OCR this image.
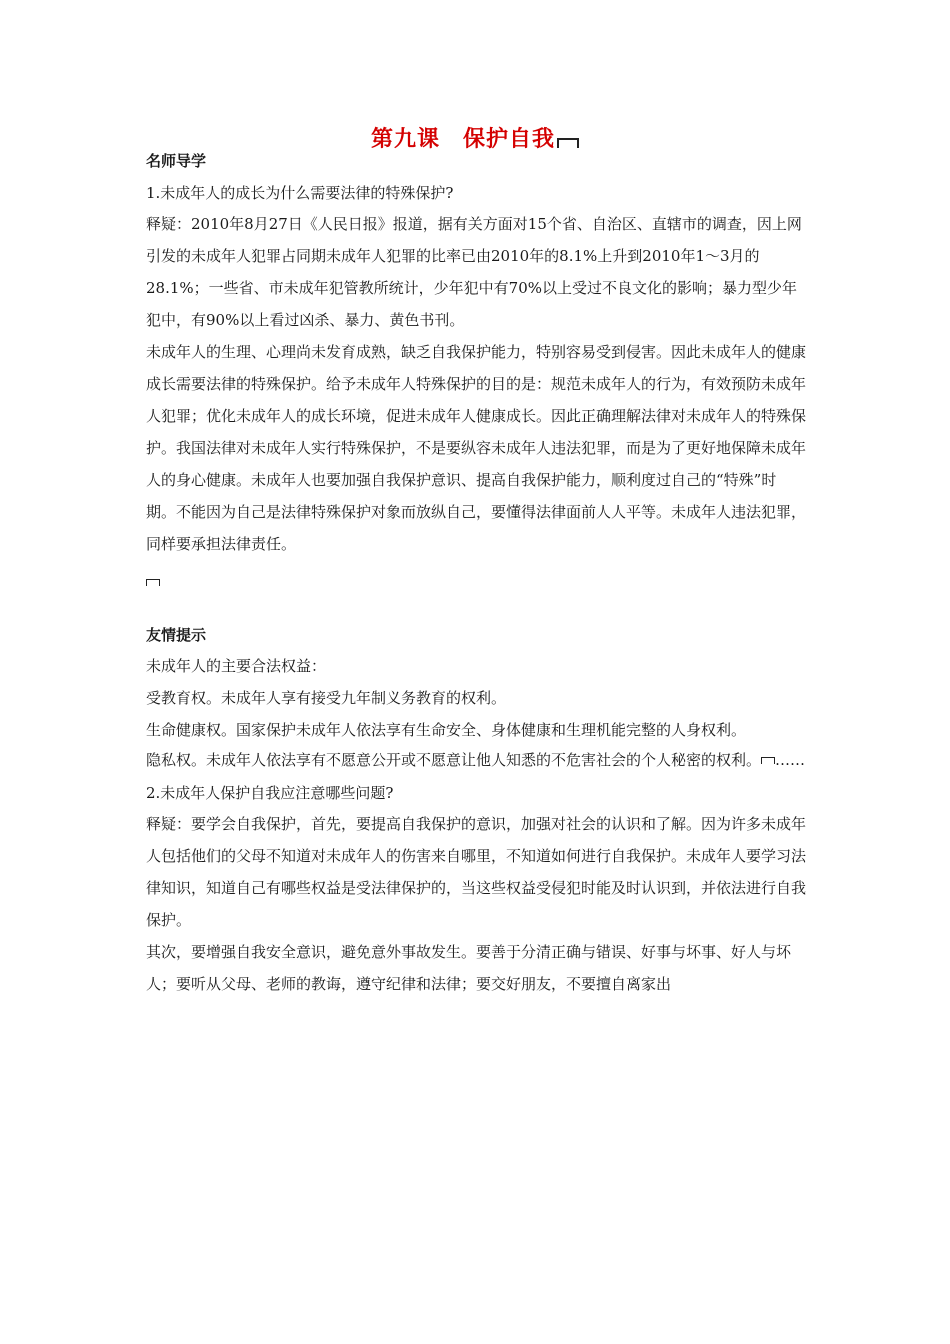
第九课　保护自我
名师导学
1.未成年人的成长为什么需要法律的特殊保护?
释疑：2010年8月27日《人民日报》报道，据有关方面对15个省、自治区、直辖市的调查，因上网引发的未成年人犯罪占同期未成年人犯罪的比率已由2010年的8.1%上升到2010年1～3月的28.1%；一些省、市未成年犯管教所统计，少年犯中有70%以上受过不良文化的影响；暴力型少年犯中，有90%以上看过凶杀、暴力、黄色书刊。
未成年人的生理、心理尚未发育成熟，缺乏自我保护能力，特别容易受到侵害。因此未成年人的健康成长需要法律的特殊保护。给予未成年人特殊保护的目的是：规范未成年人的行为，有效预防未成年人犯罪；优化未成年人的成长环境，促进未成年人健康成长。因此正确理解法律对未成年人的特殊保护。我国法律对未成年人实行特殊保护，不是要纵容未成年人违法犯罪，而是为了更好地保障未成年人的身心健康。未成年人也要加强自我保护意识、提高自我保护能力，顺利度过自己的“特殊”时期。不能因为自己是法律特殊保护对象而放纵自己，要懂得法律面前人人平等。未成年人违法犯罪，同样要承担法律责任。
友情提示
未成年人的主要合法权益：
受教育权。未成年人享有接受九年制义务教育的权利。
生命健康权。国家保护未成年人依法享有生命安全、身体健康和生理机能完整的人身权利。
隐私权。未成年人依法享有不愿意公开或不愿意让他人知悉的不危害社会的个人秘密的权利。 ……
2.未成年人保护自我应注意哪些问题?
释疑：要学会自我保护，首先，要提高自我保护的意识，加强对社会的认识和了解。因为许多未成年人包括他们的父母不知道对未成年人的伤害来自哪里，不知道如何进行自我保护。未成年人要学习法律知识，知道自己有哪些权益是受法律保护的，当这些权益受侵犯时能及时认识到，并依法进行自我保护。
其次，要增强自我安全意识，避免意外事故发生。要善于分清正确与错误、好事与坏事、好人与坏人；要听从父母、老师的教诲，遵守纪律和法律；要交好朋友，不要擅自离家出
